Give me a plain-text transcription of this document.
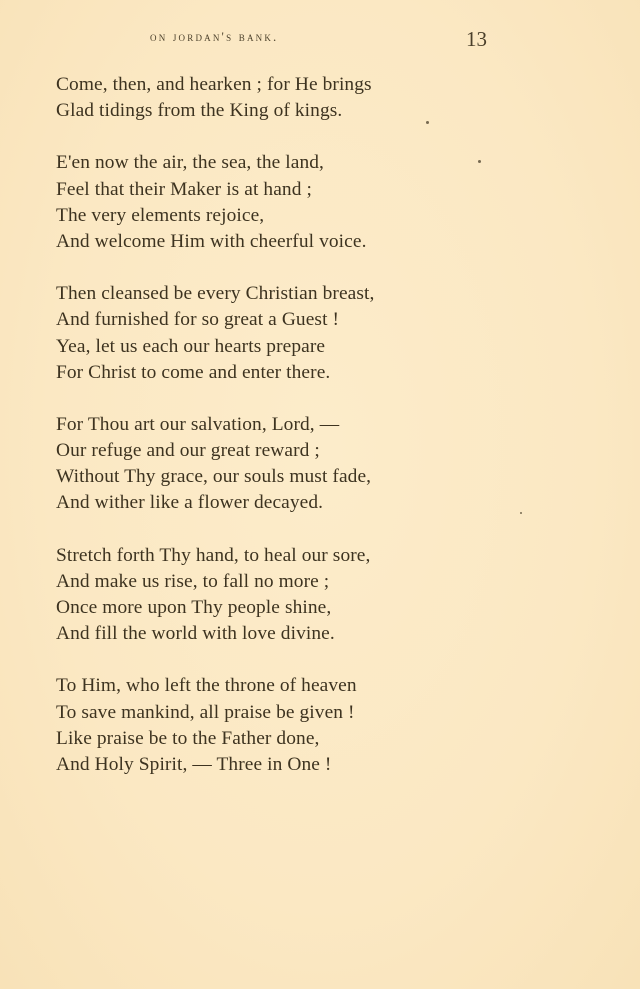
on jordan's bank.	13
Come, then, and hearken ; for He brings
Glad tidings from the King of kings.
E'en now the air, the sea, the land,
Feel that their Maker is at hand ;
The very elements rejoice,
And welcome Him with cheerful voice.
Then cleansed be every Christian breast,
And furnished for so great a Guest !
Yea, let us each our hearts prepare
For Christ to come and enter there.
For Thou art our salvation, Lord, —
Our refuge and our great reward ;
Without Thy grace, our souls must fade,
And wither like a flower decayed.
Stretch forth Thy hand, to heal our sore,
And make us rise, to fall no more ;
Once more upon Thy people shine,
And fill the world with love divine.
To Him, who left the throne of heaven
To save mankind, all praise be given !
Like praise be to the Father done,
And Holy Spirit, — Three in One !
